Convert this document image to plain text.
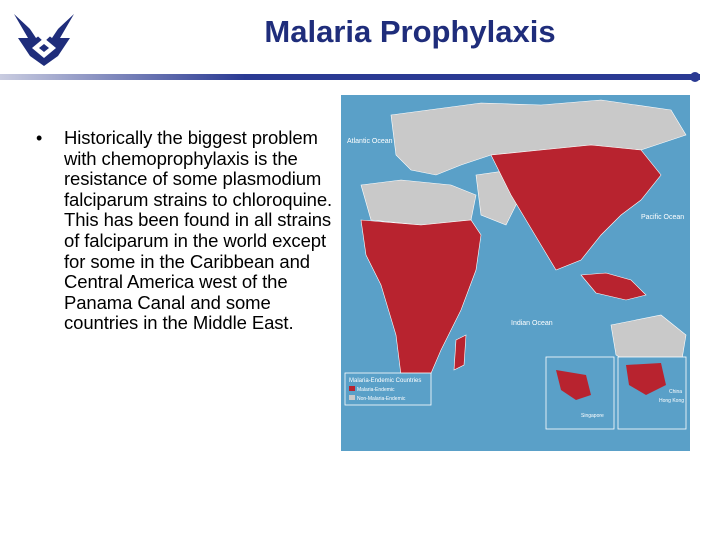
Malaria Prophylaxis
• Historically the biggest problem with chemoprophylaxis is the resistance of some plasmodium falciparum strains to chloroquine. This has been found in all strains of falciparum in the world except for some in the Caribbean and Central America west of the Panama Canal and some countries in the Middle East.
Atlantic Ocean
Pacific Ocean
Indian Ocean
Malaria-Endemic Countries
Malaria-Endemic
Non-Malaria-Endemic
Singapore
Hong Kong
China
